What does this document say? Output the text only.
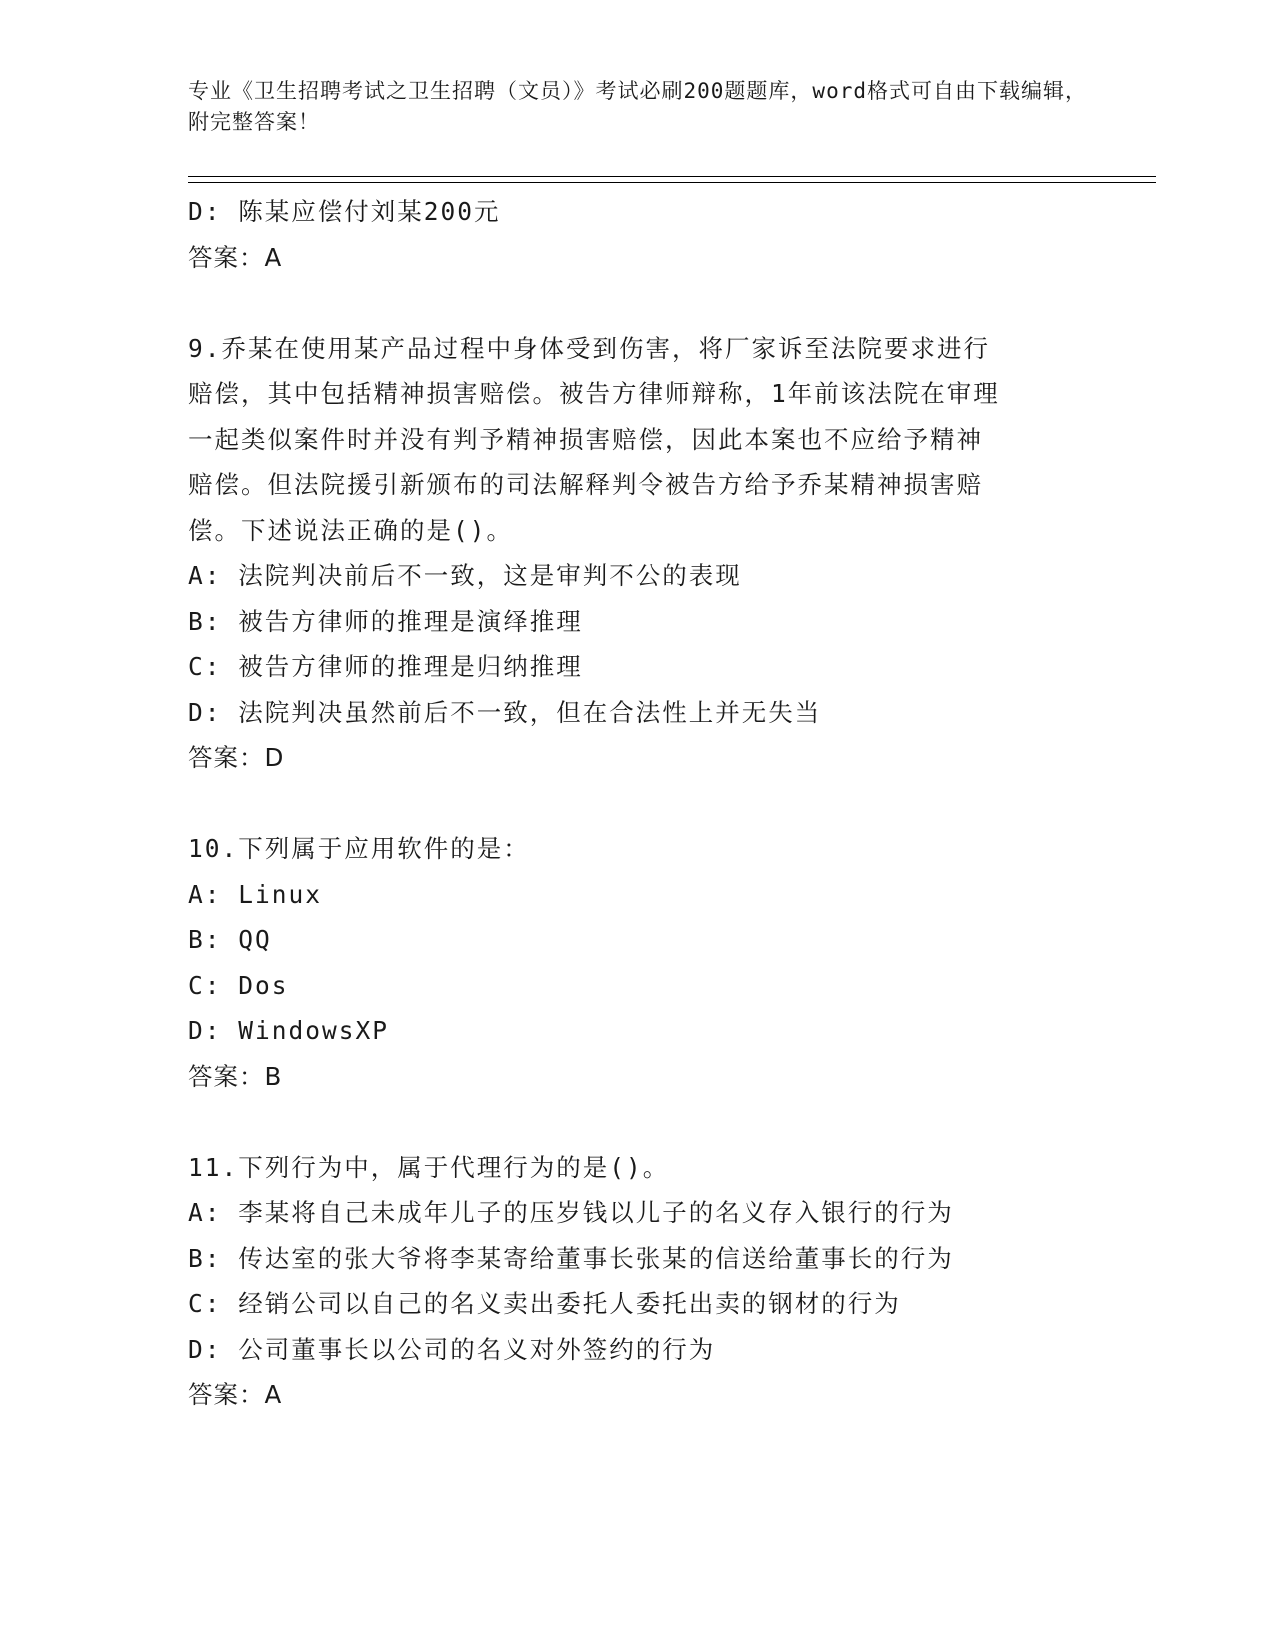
专业《卫生招聘考试之卫生招聘（文员）》考试必刷200题题库，word格式可自由下载编辑，附完整答案！

D: 陈某应偿付刘某200元
答案：A
9.乔某在使用某产品过程中身体受到伤害，将厂家诉至法院要求进行
赔偿，其中包括精神损害赔偿。被告方律师辩称，1年前该法院在审理
一起类似案件时并没有判予精神损害赔偿，因此本案也不应给予精神
赔偿。但法院援引新颁布的司法解释判令被告方给予乔某精神损害赔
偿。下述说法正确的是()。
A: 法院判决前后不一致，这是审判不公的表现
B: 被告方律师的推理是演绎推理
C: 被告方律师的推理是归纳推理
D: 法院判决虽然前后不一致，但在合法性上并无失当
答案：D
10.下列属于应用软件的是：
A: Linux
B: QQ
C: Dos
D: WindowsXP
答案：B
11.下列行为中，属于代理行为的是()。
A: 李某将自己未成年儿子的压岁钱以儿子的名义存入银行的行为
B: 传达室的张大爷将李某寄给董事长张某的信送给董事长的行为
C: 经销公司以自己的名义卖出委托人委托出卖的钢材的行为
D: 公司董事长以公司的名义对外签约的行为
答案：A
